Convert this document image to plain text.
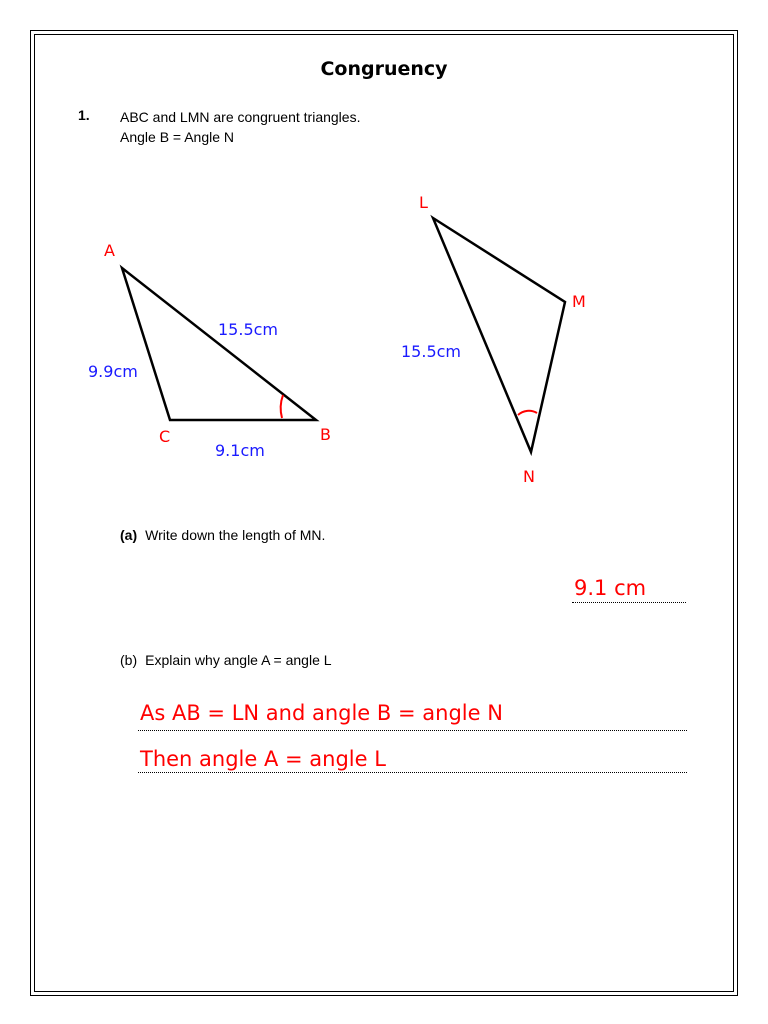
Congruency
1. ABC and LMN are congruent triangles.
Angle B = Angle N
A
B
C
15.5cm
9.9cm
9.1cm
L
M
N
15.5cm
(a) Write down the length of MN.
9.1 cm
(b) Explain why angle A = angle L
As AB = LN and angle B = angle N
Then angle A = angle L
